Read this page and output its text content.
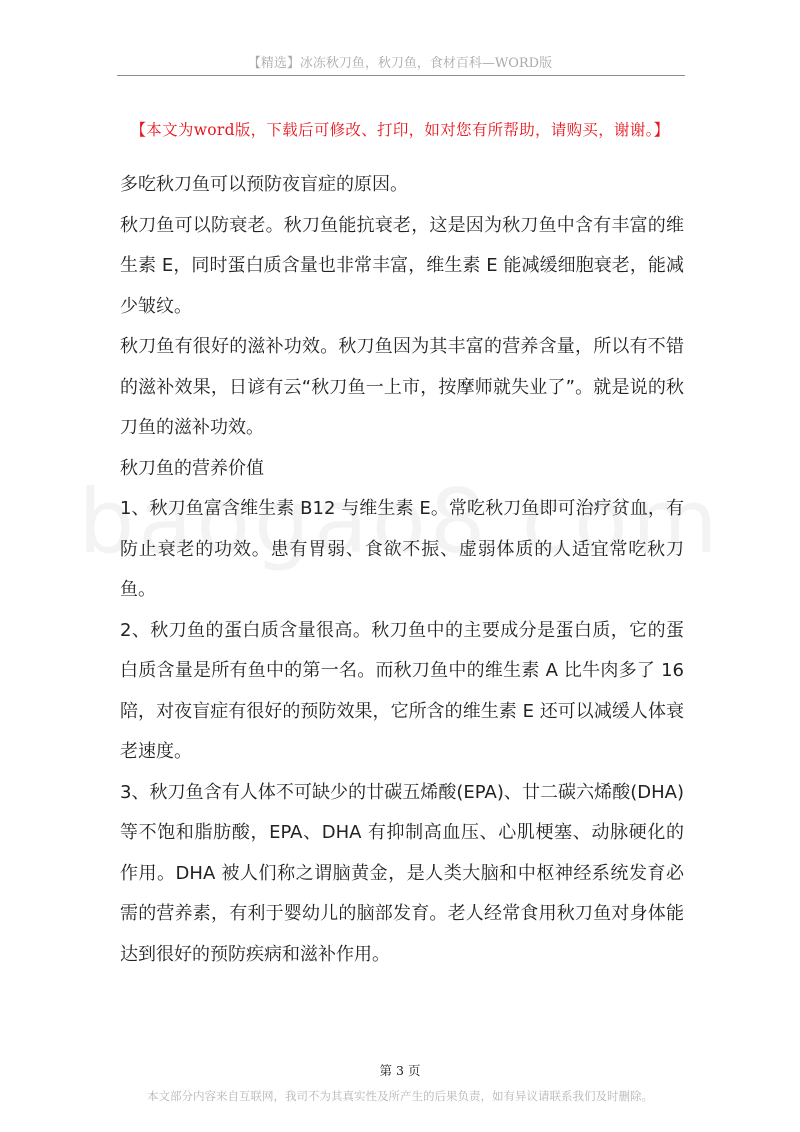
【精选】冰冻秋刀鱼，秋刀鱼，食材百科—WORD版
【本文为word版，下载后可修改、打印，如对您有所帮助，请购买，谢谢。】

多吃秋刀鱼可以预防夜盲症的原因。

秋刀鱼可以防衰老。秋刀鱼能抗衰老，这是因为秋刀鱼中含有丰富的维生素 E，同时蛋白质含量也非常丰富，维生素 E 能减缓细胞衰老，能减少皱纹。

秋刀鱼有很好的滋补功效。秋刀鱼因为其丰富的营养含量，所以有不错的滋补效果，日谚有云“秋刀鱼一上市，按摩师就失业了”。就是说的秋刀鱼的滋补功效。

秋刀鱼的营养价值

1、秋刀鱼富含维生素 B12 与维生素 E。常吃秋刀鱼即可治疗贫血，有防止衰老的功效。患有胃弱、食欲不振、虚弱体质的人适宜常吃秋刀鱼。

2、秋刀鱼的蛋白质含量很高。秋刀鱼中的主要成分是蛋白质，它的蛋白质含量是所有鱼中的第一名。而秋刀鱼中的维生素 A 比牛肉多了 16 陪，对夜盲症有很好的预防效果，它所含的维生素 E 还可以减缓人体衰老速度。

3、秋刀鱼含有人体不可缺少的廿碳五烯酸(EPA)、廿二碳六烯酸(DHA)等不饱和脂肪酸，EPA、DHA 有抑制高血压、心肌梗塞、动脉硬化的作用。DHA 被人们称之谓脑黄金，是人类大脑和中枢神经系统发育必需的营养素，有利于婴幼儿的脑部发育。老人经常食用秋刀鱼对身体能达到很好的预防疾病和滋补作用。

第 3 页
本文部分内容来自互联网，我司不为其真实性及所产生的后果负责，如有异议请联系我们及时删除。
